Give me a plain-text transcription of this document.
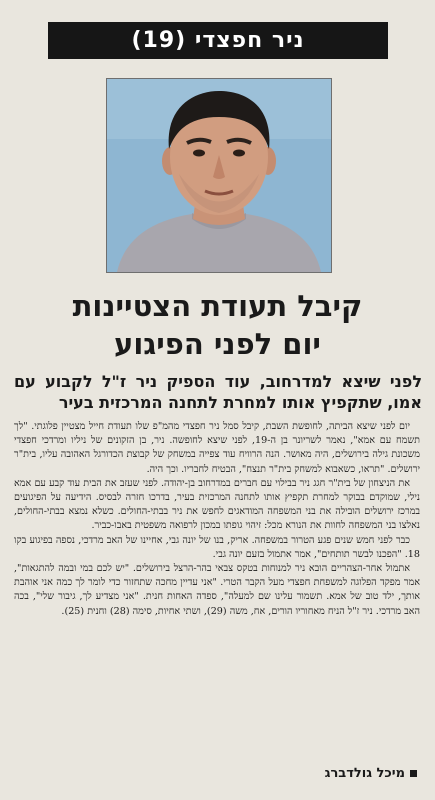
ניר חפצדי (19)
קיבל תעודת הצטיינות
יום לפני הפיגוע
לפני שיצא למדרחוב, עוד הספיק ניר ז"ל לקבוע עם אמו, שתקפיץ אותו למחרת לתחנה המרכזית בעיר

יום לפני שיצא הביתה, לחופשת השבת, קיבל סמל ניר חפצדי מהמ"פ שלו תעודת חייל מצטיין פלוגתי. "לך תשמח עם אמא", נאמר לשריונר בן ה-19, לפני שיצא לחופשה. ניר, בן הזקונים של ניליו ומרדכי חפצדי משכונת גילה בירושלים, היה מאושר. הנה הרוויח עוד צפייה במשחק של קבוצת הכדורגל האהובה עליו, בית"ר ירושלים. "תראו, כשאבוא למשחק בית"ר תנצח", הבטיח לחבריו. וכך היה.

את הניצחון של בית"ר חגג ניר בבילוי עם חברים במדרחוב בן-יהודה. לפני שעזב את הבית עוד קבע עם אמא נילי, שמוקדם בבוקר למחרת תקפיץ אותו לתחנה המרכזית בעיר, בדרכו חזרה לבסיס. הידיעה על הפיגועים במרכז ירושלים הובילה את בני המשפחה המודאגים לחפש את ניר בבתי-החולים. כשלא נמצא בבתי-החולים, נאלצו בני המשפחה לחוות את הנורא מכל: זיהוי גופתו במכון לרפואה משפטית באבו-כביר.

כבר לפני חמש שנים פגע הטרור במשפחה. אריק, בנו של יונה גבי, אחיינו של האב מרדכי, נספה בפיגוע בקו 18. "הפכנו לבשר תותחים", אמר אתמול בזעם יונה גבי.

אתמול אחר-הצהריים הובא ניר למנוחות בטקס צבאי בהר-הרצל בירושלים. "יש לכם במי ובמה להתגאות", אמר מפקד הפלוגה למשפחת חפצדי מעל הקבר הטרי. "אני עדיין מחכה שתחזור כדי לומר לך כמה אני אוהבת אותך, ילד טוב של אמא. תשמור עלינו שם למעלה", ספדה האחות חנית. "אני מצדיע לך, גיבור שלי", בכה האב מרדכי. ניר ז"ל הניח מאחוריו הורים, אח, משה (29), ושתי אחיות, סימה (28) וחנית (25).

מיכל גולדברג
